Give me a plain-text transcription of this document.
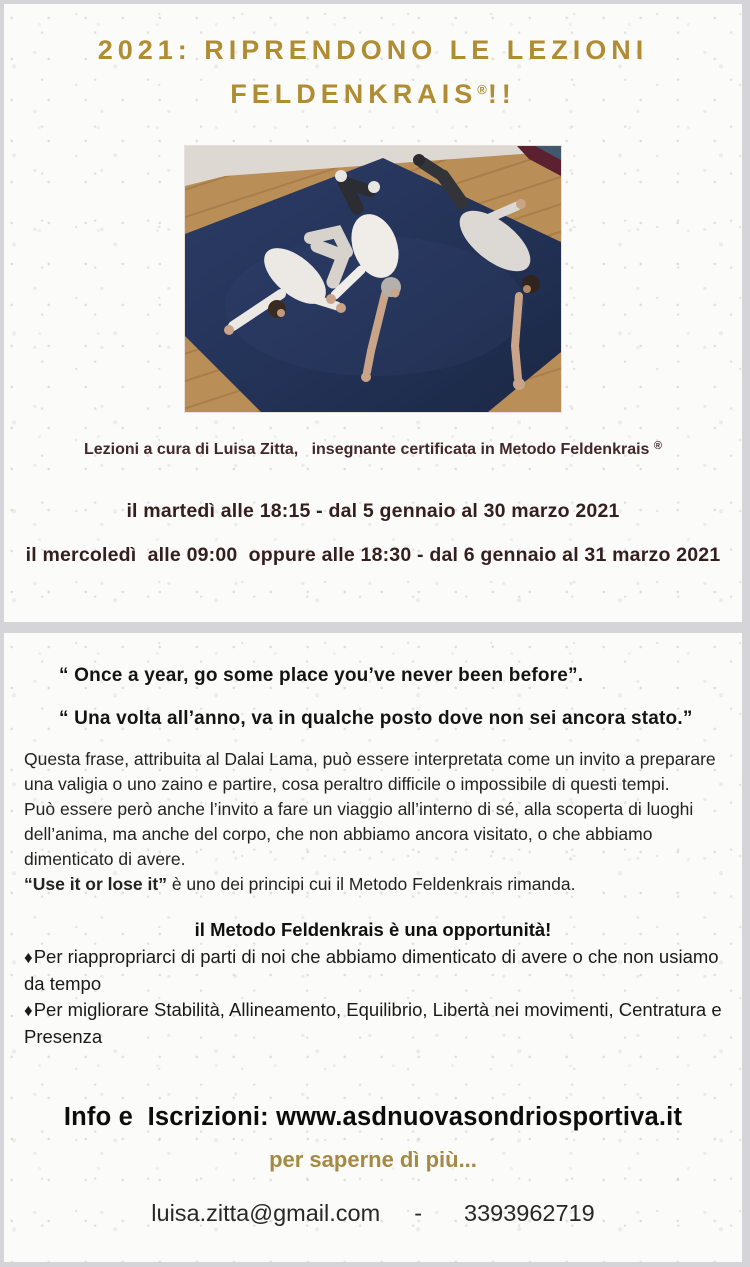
2021: RIPRENDONO LE LEZIONI
FELDENKRAIS®!!
Lezioni a cura di Luisa Zitta,   insegnante certificata in Metodo Feldenkrais ®
il martedì alle 18:15 - dal 5 gennaio al 30 marzo 2021
il mercoledì  alle 09:00  oppure alle 18:30 - dal 6 gennaio al 31 marzo 2021
“ Once a year, go some place you’ve never been before”.
“ Una volta all’anno, va in qualche posto dove non sei ancora stato.”
Questa frase, attribuita al Dalai Lama, può essere interpretata come un invito a preparare
una valigia o uno zaino e partire, cosa peraltro difficile o impossibile di questi tempi.
Può essere però anche l’invito a fare un viaggio all’interno di sé, alla scoperta di luoghi
dell’anima, ma anche del corpo, che non abbiamo ancora visitato, o che abbiamo
dimenticato di avere.
“Use it or lose it” è uno dei principi cui il Metodo Feldenkrais rimanda.
il Metodo Feldenkrais è una opportunità!
♦Per riappropriarci di parti di noi che abbiamo dimenticato di avere o che non usiamo da tempo
♦Per migliorare Stabilità, Allineamento, Equilibrio, Libertà nei movimenti, Centratura e Presenza
Info e  Iscrizioni: www.asdnuovasondriosportiva.it
per saperne dì più...
luisa.zitta@gmail.com - 3393962719
